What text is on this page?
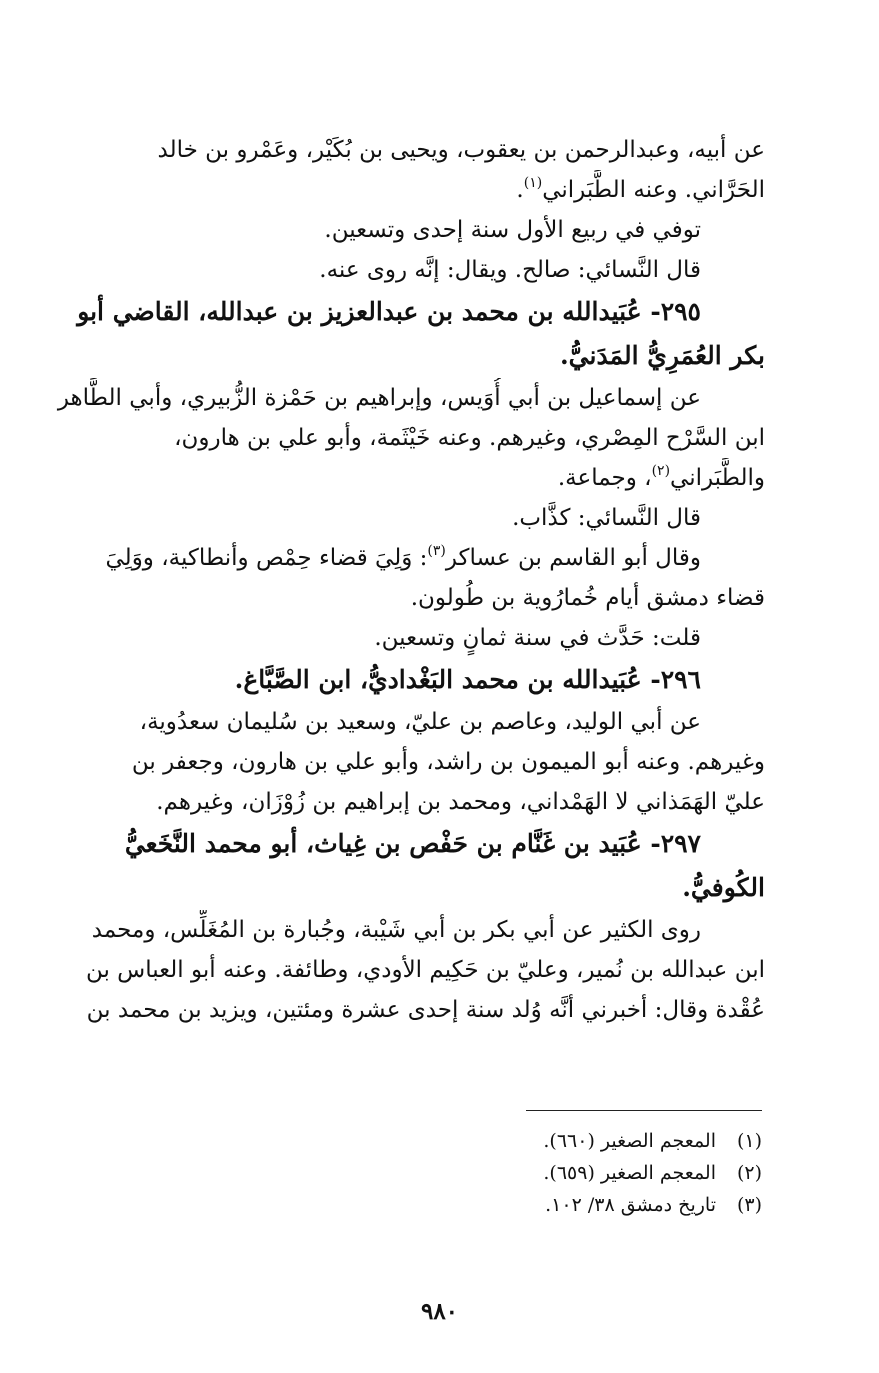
عن أبيه، وعبدالرحمن بن يعقوب، ويحيى بن بُكَيْر، وعَمْرو بن خالد
الحَرَّاني. وعنه الطَّبَراني$^{(١)}$.
توفي في ربيع الأول سنة إحدى وتسعين.
قال النَّسائي: صالح. ويقال: إنَّه روى عنه.
٢٩٥- عُبَيدالله بن محمد بن عبدالعزيز بن عبدالله، القاضي أبو
بكر العُمَرِيُّ المَدَنيُّ.
عن إسماعيل بن أبي أُوَيس، وإبراهيم بن حَمْزة الزُّبيري، وأبي الطَّاهر
ابن السَّرْح المِصْري، وغيرهم. وعنه خَيْثَمة، وأبو علي بن هارون،
والطَّبَراني$^{(٢)}$، وجماعة.
قال النَّسائي: كذَّاب.
وقال أبو القاسم بن عساكر$^{(٣)}$: وَلِيَ قضاء حِمْص وأنطاكية، ووَلِيَ
قضاء دمشق أيام خُمارُوية بن طُولون.
قلت: حَدَّث في سنة ثمانٍ وتسعين.
٢٩٦- عُبَيدالله بن محمد البَغْداديُّ، ابن الصَّبَّاغ.
عن أبي الوليد، وعاصم بن عليّ، وسعيد بن سُليمان سعدُوية،
وغيرهم. وعنه أبو الميمون بن راشد، وأبو علي بن هارون، وجعفر بن
عليّ الهَمَذاني لا الهَمْداني، ومحمد بن إبراهيم بن زُوْزَان، وغيرهم.
٢٩٧- عُبَيد بن غَنَّام بن حَفْص بن غِياث، أبو محمد النَّخَعيُّ
الكُوفيُّ.
روى الكثير عن أبي بكر بن أبي شَيْبة، وجُبارة بن المُغَلِّس، ومحمد
ابن عبدالله بن نُمير، وعليّ بن حَكِيم الأودي، وطائفة. وعنه أبو العباس بن
عُقْدة وقال: أخبرني أنَّه وُلد سنة إحدى عشرة ومئتين، ويزيد بن محمد بن
(١)المعجم الصغير (٦٦٠).
(٢)المعجم الصغير (٦٥٩).
(٣)تاريخ دمشق ٣٨/ ١٠٢.
٩٨٠
